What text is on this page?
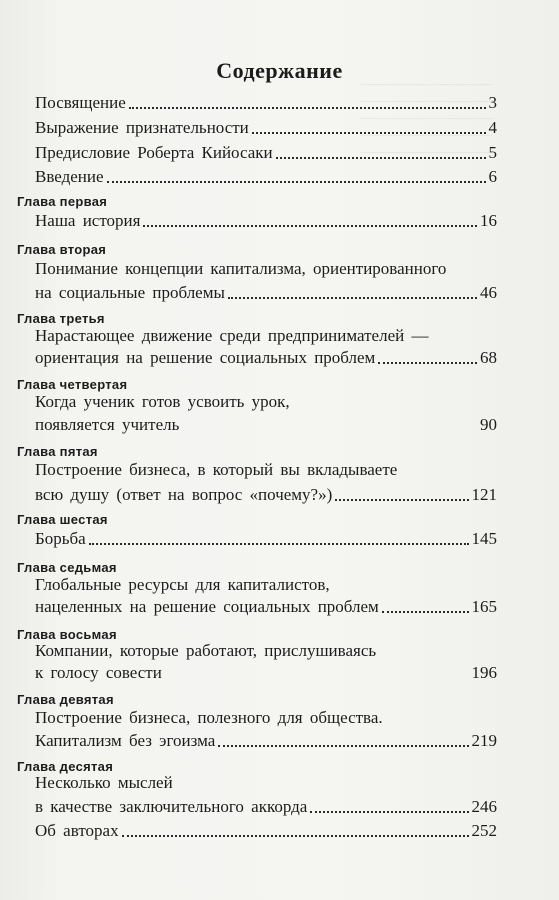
─────────────────
─────────────────
─────────────────
─────────────────
─────────────────

Содержание
Посвящение	3
Выражение признательности	4
Предисловие Роберта Кийосаки	5
Введение	6
Глава первая
Наша история	16
Глава вторая
Понимание концепции капитализма, ориентированного
на социальные проблемы	46
Глава третья
Нарастающее движение среди предпринимателей —
ориентация на решение социальных проблем	68
Глава четвертая
Когда ученик готов усвоить урок,
появляется учитель	90
Глава пятая
Построение бизнеса, в который вы вкладываете
всю душу (ответ на вопрос «почему?»)	121
Глава шестая
Борьба	145
Глава седьмая
Глобальные ресурсы для капиталистов,
нацеленных на решение социальных проблем	165
Глава восьмая
Компании, которые работают, прислушиваясь
к голосу совести	196
Глава девятая
Построение бизнеса, полезного для общества.
Капитализм без эгоизма	219
Глава десятая
Несколько мыслей
в качестве заключительного аккорда	246
Об авторах	252
